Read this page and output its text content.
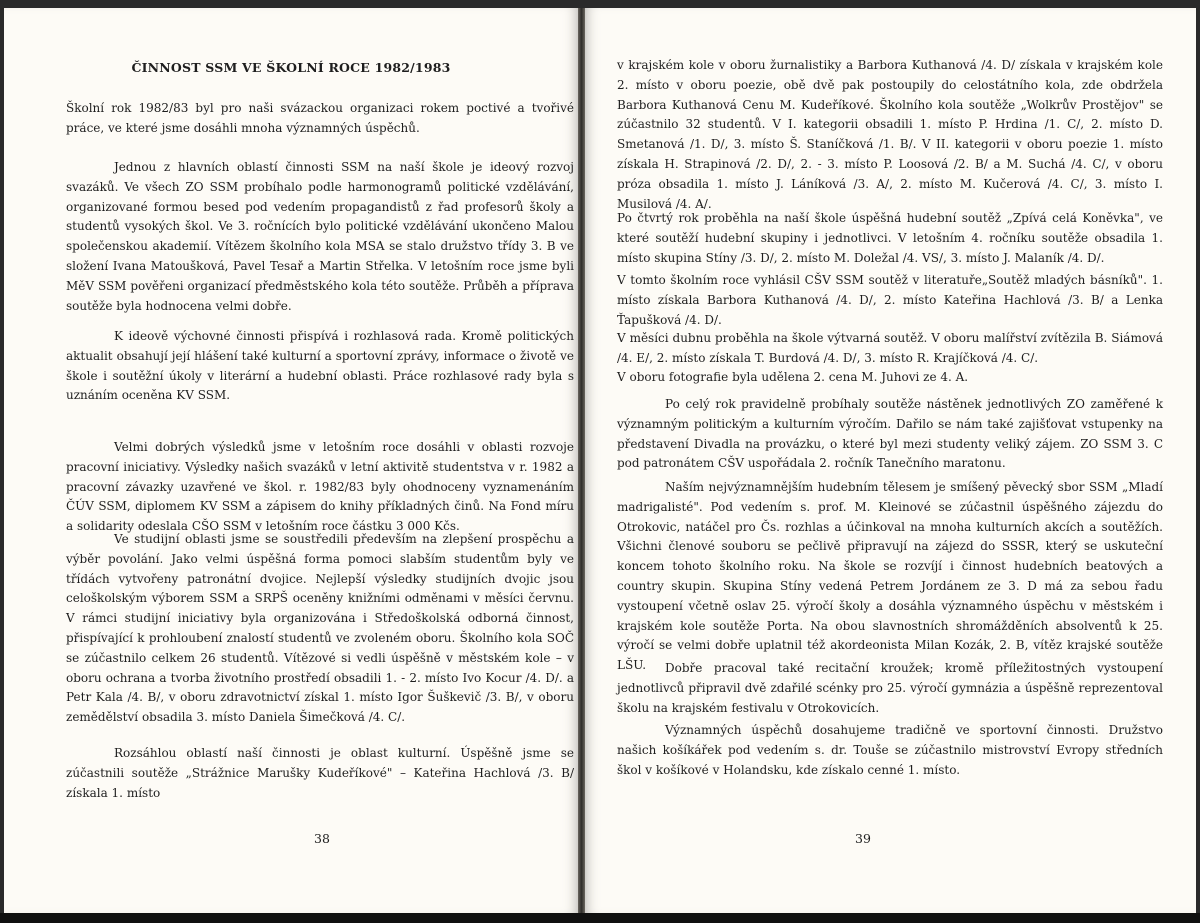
ČINNOST SSM VE ŠKOLNÍ ROCE 1982/1983

Školní rok 1982/83 byl pro naši svázackou organizaci rokem poctivé a tvořivé práce, ve které jsme dosáhli mnoha významných úspěchů.

Jednou z hlavních oblastí činnosti SSM na naší škole je ideový rozvoj svazáků. Ve všech ZO SSM probíhalo podle harmonogramů politické vzdělávání, organizované formou besed pod vedením propagandistů z řad profesorů školy a studentů vysokých škol. Ve 3. ročnících bylo politické vzdělávání ukončeno Malou společenskou akademií. Vítězem školního kola MSA se stalo družstvo třídy 3. B ve složení Ivana Matoušková, Pavel Tesař a Martin Střelka. V letošním roce jsme byli MěV SSM pověřeni organizací předměstského kola této soutěže. Průběh a příprava soutěže byla hodnocena velmi dobře.

K ideově výchovné činnosti přispívá i rozhlasová rada. Kromě politických aktualit obsahují její hlášení také kulturní a sportovní zprávy, informace o životě ve škole i soutěžní úkoly v literární a hudební oblasti. Práce rozhlasové rady byla s uznáním oceněna KV SSM.

Velmi dobrých výsledků jsme v letošním roce dosáhli v oblasti rozvoje pracovní iniciativy. Výsledky našich svazáků v letní aktivitě studentstva v r. 1982 a pracovní závazky uzavřené ve škol. r. 1982/83 byly ohodnoceny vyznamenáním ČÚV SSM, diplomem KV SSM a zápisem do knihy příkladných činů. Na Fond míru a solidarity odeslala CŠO SSM v letošním roce částku 3 000 Kčs.

Ve studijní oblasti jsme se soustředili především na zlepšení prospěchu a výběr povolání. Jako velmi úspěšná forma pomoci slabším studentům byly ve třídách vytvořeny patronátní dvojice. Nejlepší výsledky studijních dvojic jsou celoškolským výborem SSM a SRPŠ oceněny knižními odměnami v měsíci červnu. V rámci studijní iniciativy byla organizována i Středoškolská odborná činnost, přispívající k prohloubení znalostí studentů ve zvoleném oboru. Školního kola SOČ se zúčastnilo celkem 26 studentů. Vítězové si vedli úspěšně v městském kole – v oboru ochrana a tvorba životního prostředí obsadili 1. - 2. místo Ivo Kocur /4. D/. a Petr Kala /4. B/, v oboru zdravotnictví získal 1. místo Igor Šuškevič /3. B/, v oboru zemědělství obsadila 3. místo Daniela Šimečková /4. C/.

Rozsáhlou oblastí naší činnosti je oblast kulturní. Úspěšně jsme se zúčastnili soutěže „Strážnice Marušky Kudeříkové" – Kateřina Hachlová /3. B/ získala 1. místo

38

v krajském kole v oboru žurnalistiky a Barbora Kuthanová /4. D/ získala v krajském kole 2. místo v oboru poezie, obě dvě pak postoupily do celostátního kola, zde obdržela Barbora Kuthanová Cenu M. Kudeříkové. Školního kola soutěže „Wolkrův Prostějov" se zúčastnilo 32 studentů. V I. kategorii obsadili 1. místo P. Hrdina /1. C/, 2. místo D. Smetanová /1. D/, 3. místo Š. Staníčková /1. B/. V II. kategorii v oboru poezie 1. místo získala H. Strapinová /2. D/, 2. - 3. místo P. Loosová /2. B/ a M. Suchá /4. C/, v oboru próza obsadila 1. místo J. Láníková /3. A/, 2. místo M. Kučerová /4. C/, 3. místo I. Musilová /4. A/.

Po čtvrtý rok proběhla na naší škole úspěšná hudební soutěž „Zpívá celá Koněvka", ve které soutěží hudební skupiny i jednotlivci. V letošním 4. ročníku soutěže obsadila 1. místo skupina Stíny /3. D/, 2. místo M. Doležal /4. VS/, 3. místo J. Malaník /4. D/.

V tomto školním roce vyhlásil CŠV SSM soutěž v literatuře„Soutěž mladých básníků". 1. místo získala Barbora Kuthanová /4. D/, 2. místo Kateřina Hachlová /3. B/ a Lenka Ťapušková /4. D/.

V měsíci dubnu proběhla na škole výtvarná soutěž. V oboru malířství zvítězila B. Siámová /4. E/, 2. místo získala T. Burdová /4. D/, 3. místo R. Krajíčková /4. C/.

V oboru fotografie byla udělena 2. cena M. Juhovi ze 4. A.

Po celý rok pravidelně probíhaly soutěže nástěnek jednotlivých ZO zaměřené k významným politickým a kulturním výročím. Dařilo se nám také zajišťovat vstupenky na představení Divadla na provázku, o které byl mezi studenty veliký zájem. ZO SSM 3. C pod patronátem CŠV uspořádala 2. ročník Tanečního maratonu.

Naším nejvýznamnějším hudebním tělesem je smíšený pěvecký sbor SSM „Mladí madrigalisté". Pod vedením s. prof. M. Kleinové se zúčastnil úspěšného zájezdu do Otrokovic, natáčel pro Čs. rozhlas a účinkoval na mnoha kulturních akcích a soutěžích. Všichni členové souboru se pečlivě připravují na zájezd do SSSR, který se uskuteční koncem tohoto školního roku. Na škole se rozvíjí i činnost hudebních beatových a country skupin. Skupina Stíny vedená Petrem Jordánem ze 3. D má za sebou řadu vystoupení včetně oslav 25. výročí školy a dosáhla významného úspěchu v městském i krajském kole soutěže Porta. Na obou slavnostních shromážděních absolventů k 25. výročí se velmi dobře uplatnil též akordeonista Milan Kozák, 2. B, vítěz krajské soutěže LŠU.	Dobře pracoval také recitační kroužek; kromě příležitostných vystoupení jednotlivců připravil dvě zdařilé scénky pro 25. výročí gymnázia a úspěšně reprezentoval školu na krajském festivalu v Otrokovicích.

Významných úspěchů dosahujeme tradičně ve sportovní činnosti. Družstvo našich košíkářek pod vedením s. dr. Touše se zúčastnilo mistrovství Evropy středních škol v košíkové v Holandsku, kde získalo cenné 1. místo.

39
